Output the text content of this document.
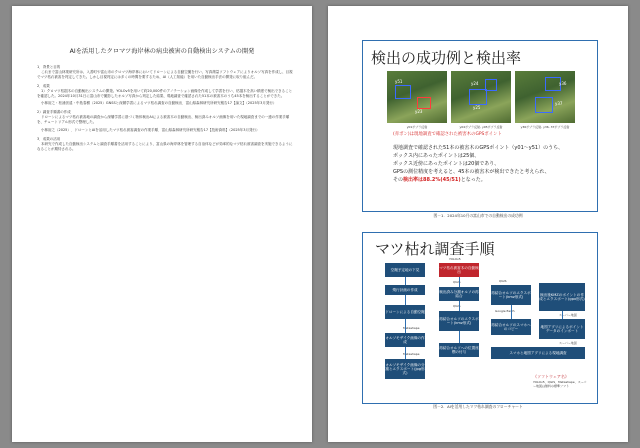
AIを活用したクロマツ海岸林の病虫被害の自動検出システムの開発
1．背景と目的

これまで富山林業研究所は、入善町や富山市のクロマツ海岸林においてドローンによる自動空撮を行い、写真測量ソフトウェアによりオルソ写真を作成し、目視でマツ枯れ被害を判定してきた。しかし目視判定には多くの時間を要するため、AI（人工知能）を用いた自動検出手法の開発に取り組んだ。

2．成果

1）クロマツ枯損木の自動検出システムの開発。YOLOv5を用いて約20,000件のアノテーション画像を作成して学習を行い、枯損木を高い精度で検出できることを確認した。2024年10月31日に富山市で撮影したオルソ写真から判定した結果、現地調査で確認された51本の被害木のうち45本を検出することができた。

小林裕之・松浦崇遠・中島春樹（2025）GNSSと深層学習によるマツ枯れ調査の自動検出．富山県森林研究所研究報告17【論文】（2025年3月発行）

2）調査手順書の作成

ドローンによるマツ枯れ被害地の調査から深層学習に基づく物体検出AIによる被害木の自動検出、検出済みオルソ画像を用いた現地調査までの一連の作業手順を、チュートリアル形式で整理した。

小林裕之（2025）．ドローンとAIを活用したマツ枯れ被害調査の作業手順．富山県森林研究所研究報告17【技術資料】（2025年3月発行）

3．成果の活用

本研究で作成した自動検出システムと調査手順書を活用することにより、富山県の海岸林を管理する自治体などが効率的なマツ枯れ被害調査を実施できるようになることが期待される。

検出の成功例と検出率
y51
y23
y01ポプラ反射
y24
y25
y04ポプラ反射, y05ポプラ反射
y36
y37
y36ポプラ反射, y36, 37ポプラ反射
(赤ポン)は現地調査で確認された被害木のGPSポイント
現地調査で確認された51本の被害木のGPSポイント（y01〜y51）のうち、
ボックス内にあったポイントは25個、
ボックス近傍にあったポイントは20個であり、
GPSの測位精度を考えると、45本の被害木が検出できたと考えられ、
その検出率は88.2%(45/51)となった。
図－1．2024年10月の富山市での自動検出の成功例
マツ枯れ調査手順
空撮予定地の下見
飛行計画の作成
ドローンによる自動空撮
オルソモザイク画像の作成
オルソモザイク画像の分割とエクスポート(jpg形式)
Metashape
Metashape
YOLOv5
マツ枯れ被害木の自動検出
QGIS
検出済み分割オルソの再結合
QGIS
再結合オルソのエクスポート(kmz形式)
再結合オルソへの位置座標の付与
QGIS
再結合オルソのエクスポート(kmz形式)
Google Earth
再結合オルソのスマホへのコピー
検出後KMZのポイントの作成とエクスポート(gpx形式)
スーパー地図
地図アプリによるポイントデータのインポート
スーパー地図
スマホと地図アプリによる現地調査
《ソフトウェア名》
YOLOv5、QGIS、Metashape、スーパー地図は無料の標準ソフト
図－2．AIを活用したマツ枯れ調査のフローチャート
